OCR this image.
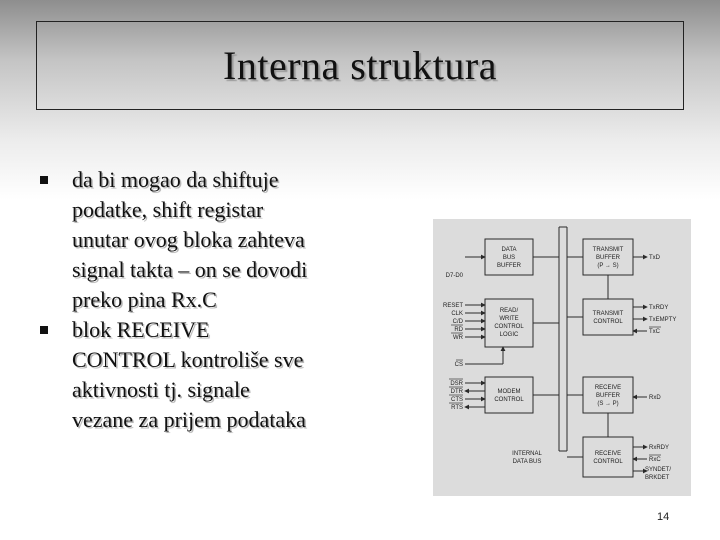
Interna struktura
da bi mogao da shiftuje
podatke, shift registar
unutar ovog bloka zahteva
signal takta – on se dovodi
preko pina Rx.C
blok RECEIVE
CONTROL kontroliše sve
aktivnosti tj. signale
vezane za prijem podataka
DATA
BUS
BUFFER
READ/
WRITE
CONTROL
LOGIC
MODEM
CONTROL
TRANSMIT
BUFFER
(P → S)
TRANSMIT
CONTROL
RECEIVE
BUFFER
(S → P)
RECEIVE
CONTROL
INTERNAL
DATA BUS
D7-D0
RESET
CLK
C/D
RD
WR
CS
DSR
DTR
CTS
RTS
TxD
TxRDY
TxEMPTY
TxC
RxD
RxRDY
RxC
SYNDET/
BRKDET
14
